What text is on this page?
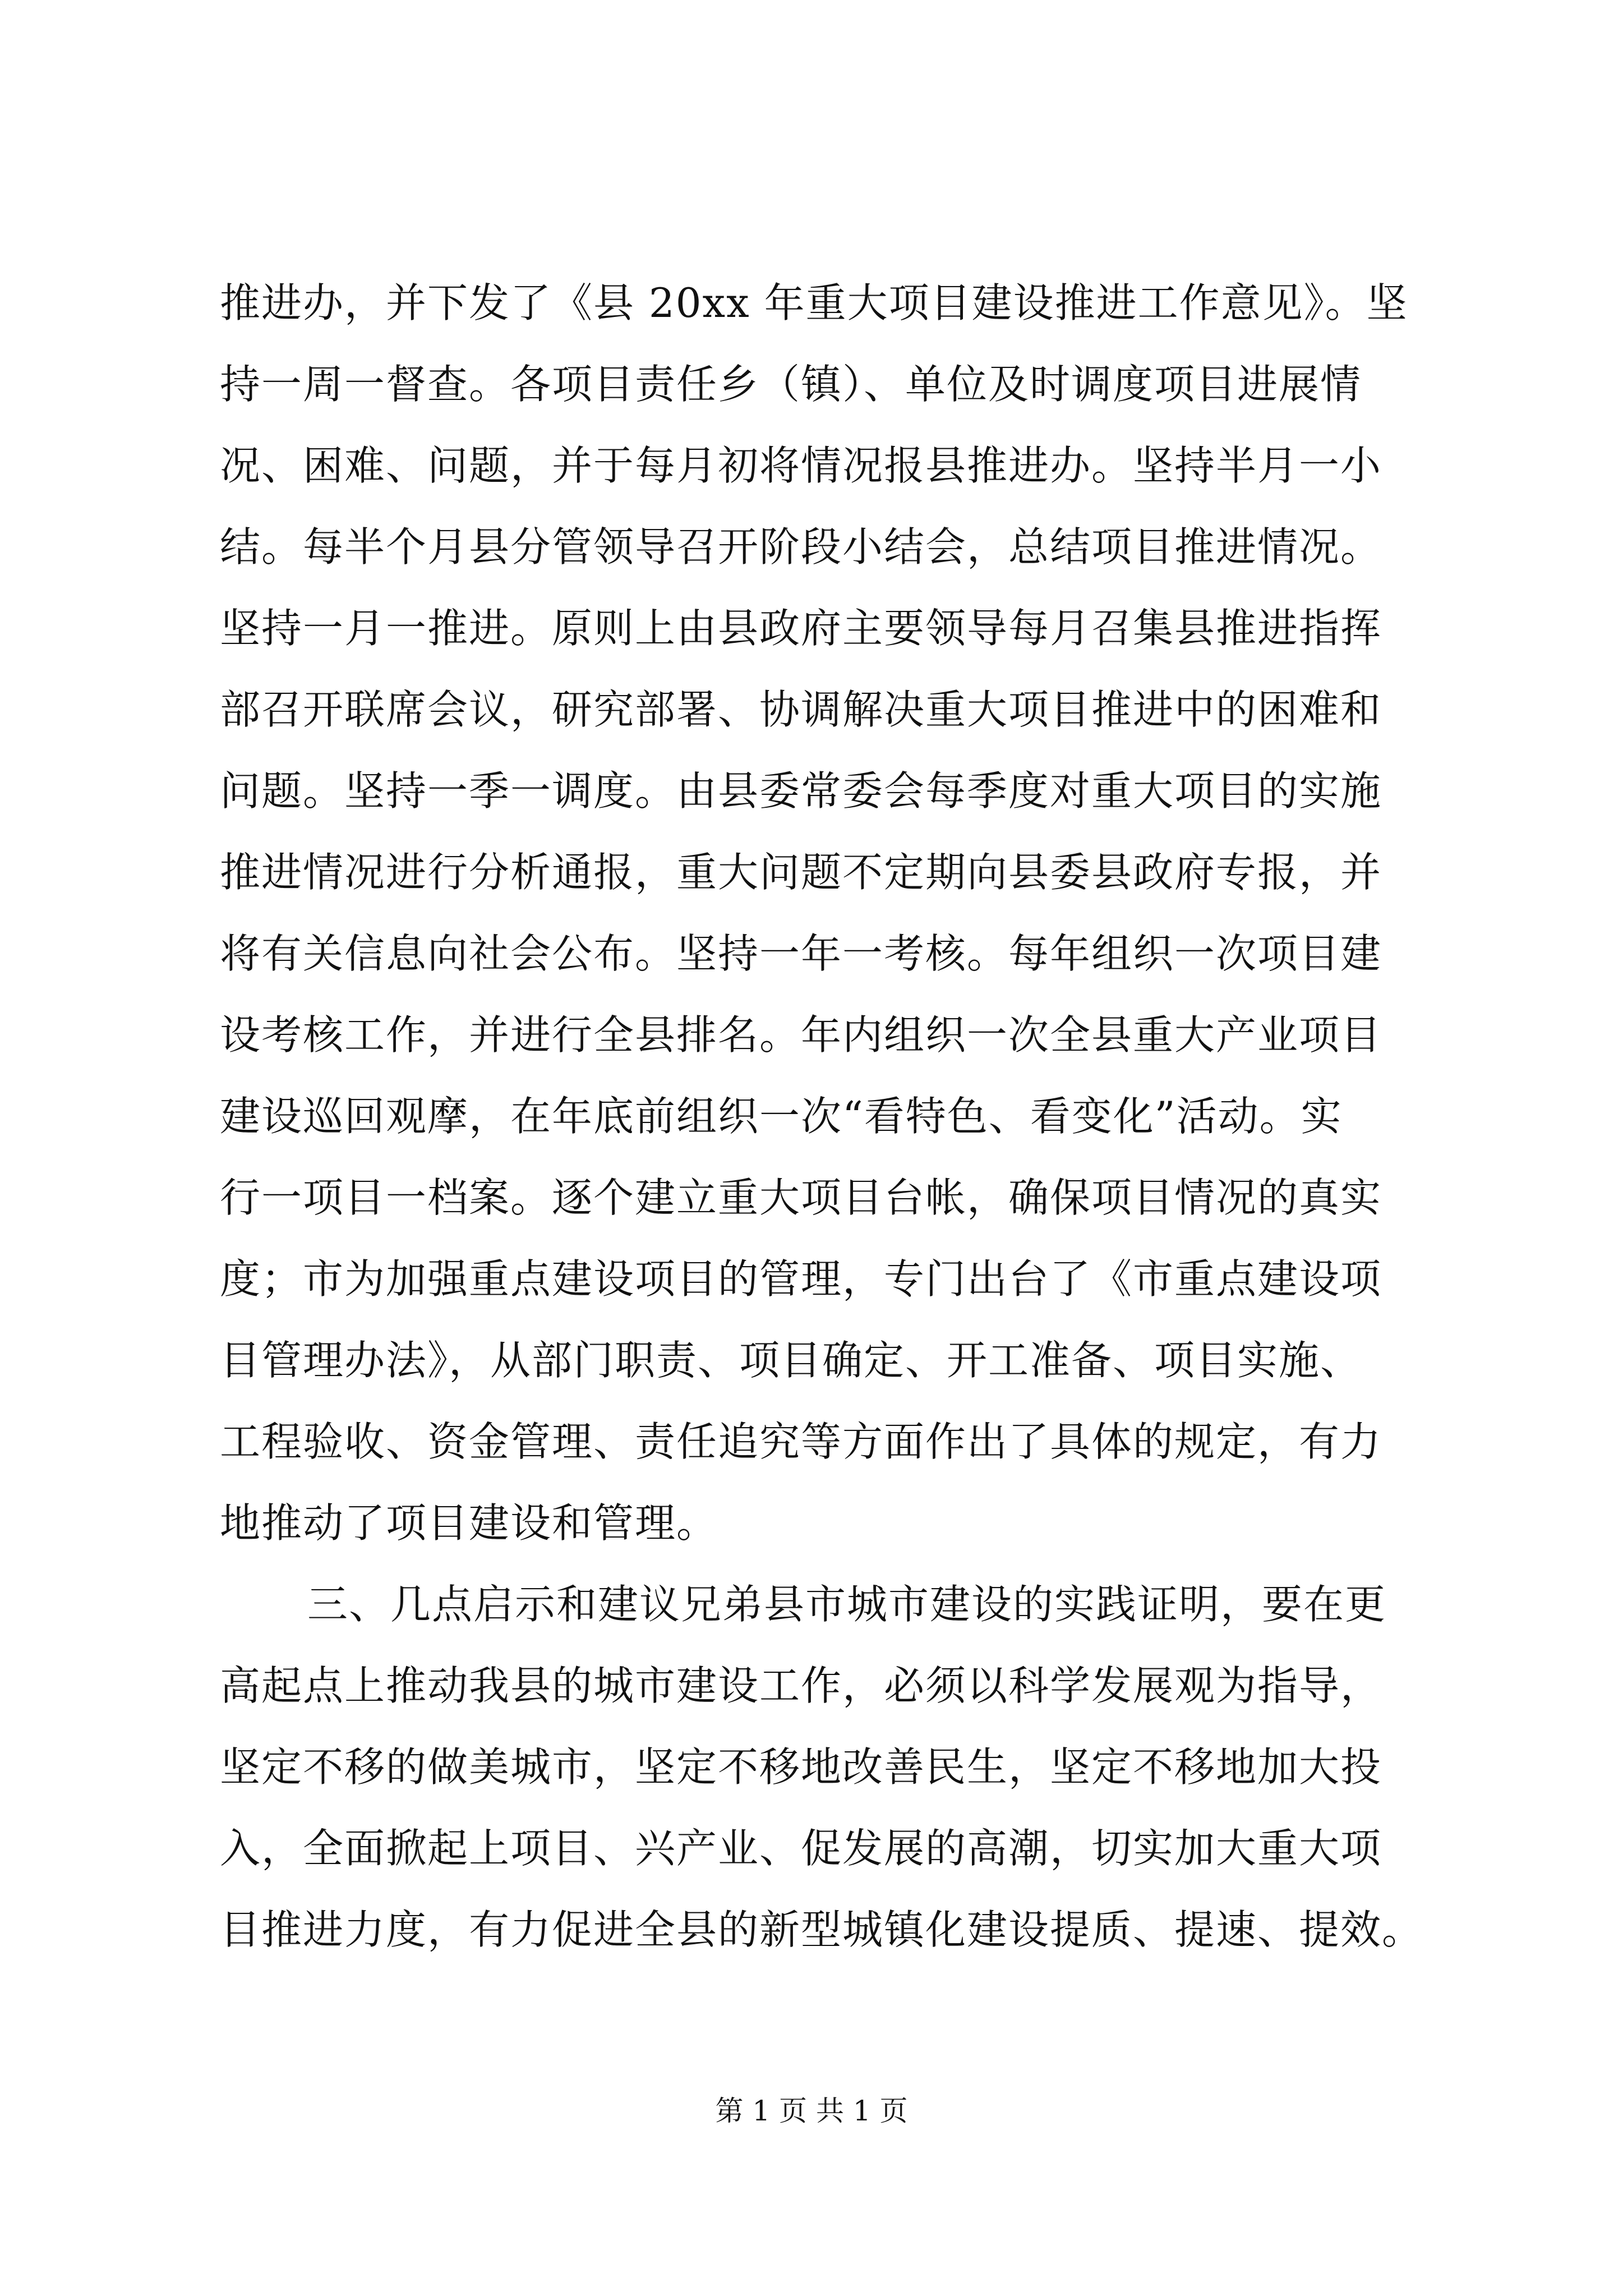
推进办，并下发了《县 20xx 年重大项目建设推进工作意见》。坚
持一周一督查。各项目责任乡（镇）、单位及时调度项目进展情
况、困难、问题，并于每月初将情况报县推进办。坚持半月一小
结。每半个月县分管领导召开阶段小结会，总结项目推进情况。
坚持一月一推进。原则上由县政府主要领导每月召集县推进指挥
部召开联席会议，研究部署、协调解决重大项目推进中的困难和
问题。坚持一季一调度。由县委常委会每季度对重大项目的实施
推进情况进行分析通报，重大问题不定期向县委县政府专报，并
将有关信息向社会公布。坚持一年一考核。每年组织一次项目建
设考核工作，并进行全县排名。年内组织一次全县重大产业项目
建设巡回观摩，在年底前组织一次“看特色、看变化”活动。实
行一项目一档案。逐个建立重大项目台帐，确保项目情况的真实
度；市为加强重点建设项目的管理，专门出台了《市重点建设项
目管理办法》，从部门职责、项目确定、开工准备、项目实施、
工程验收、资金管理、责任追究等方面作出了具体的规定，有力
地推动了项目建设和管理。
三、几点启示和建议兄弟县市城市建设的实践证明，要在更
高起点上推动我县的城市建设工作，必须以科学发展观为指导，
坚定不移的做美城市，坚定不移地改善民生，坚定不移地加大投
入，全面掀起上项目、兴产业、促发展的高潮，切实加大重大项
目推进力度，有力促进全县的新型城镇化建设提质、提速、提效。
第 1 页 共 1 页
